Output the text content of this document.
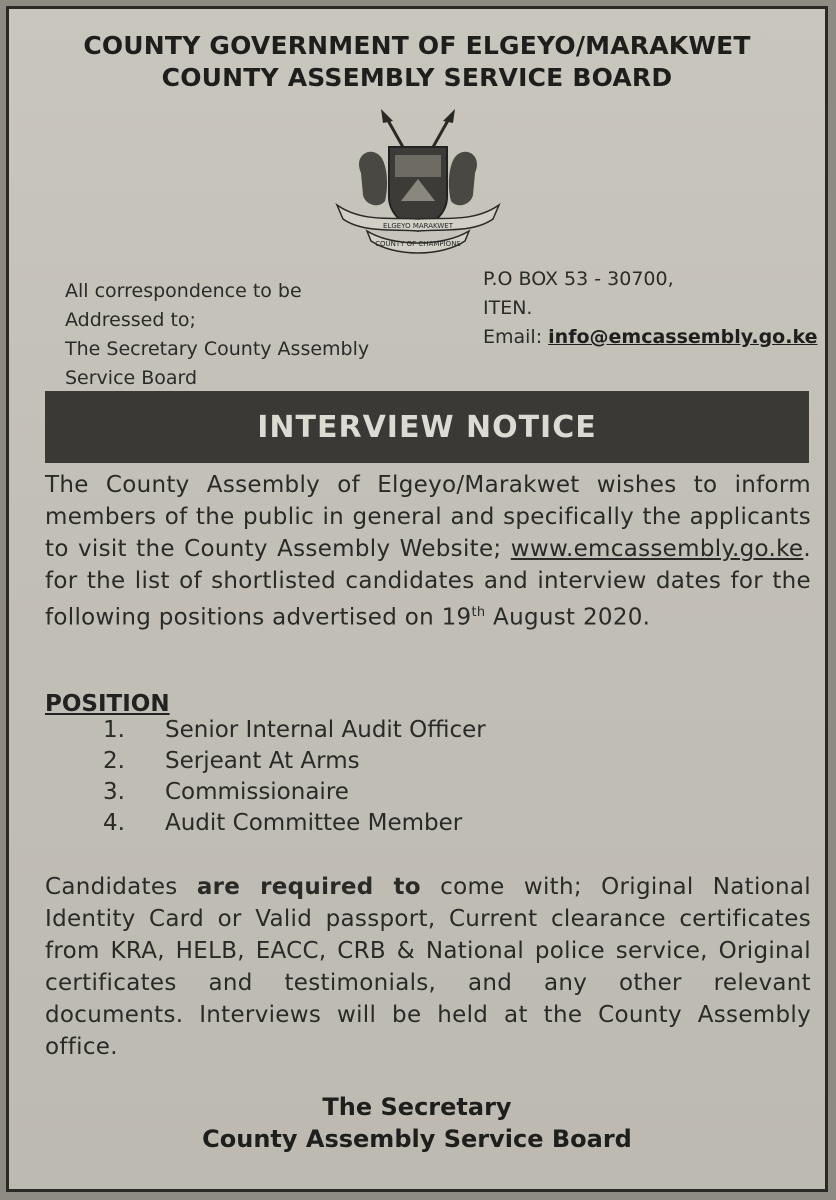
COUNTY GOVERNMENT OF ELGEYO/MARAKWET
COUNTY ASSEMBLY SERVICE BOARD
ELGEYO MARAKWET
COUNTY OF CHAMPIONS
All correspondence to be
Addressed to;
The Secretary County Assembly
Service Board
P.O BOX 53 - 30700,
ITEN.
Email: info@emcassembly.go.ke
INTERVIEW NOTICE
The County Assembly of Elgeyo/Marakwet wishes to inform members of the public in general and specifically the applicants to visit the County Assembly Website; www.emcassembly.go.ke. for the list of shortlisted candidates and interview dates for the following positions advertised on 19th August 2020.
POSITION
1.	Senior Internal Audit Officer
2.	Serjeant At Arms
3.	Commissionaire
4.	Audit Committee Member
Candidates are required to come with; Original National Identity Card or Valid passport, Current clearance certificates from KRA, HELB, EACC, CRB & National police service, Original certificates and testimonials, and any other relevant documents. Interviews will be held at the County Assembly office.
The Secretary
County Assembly Service Board
